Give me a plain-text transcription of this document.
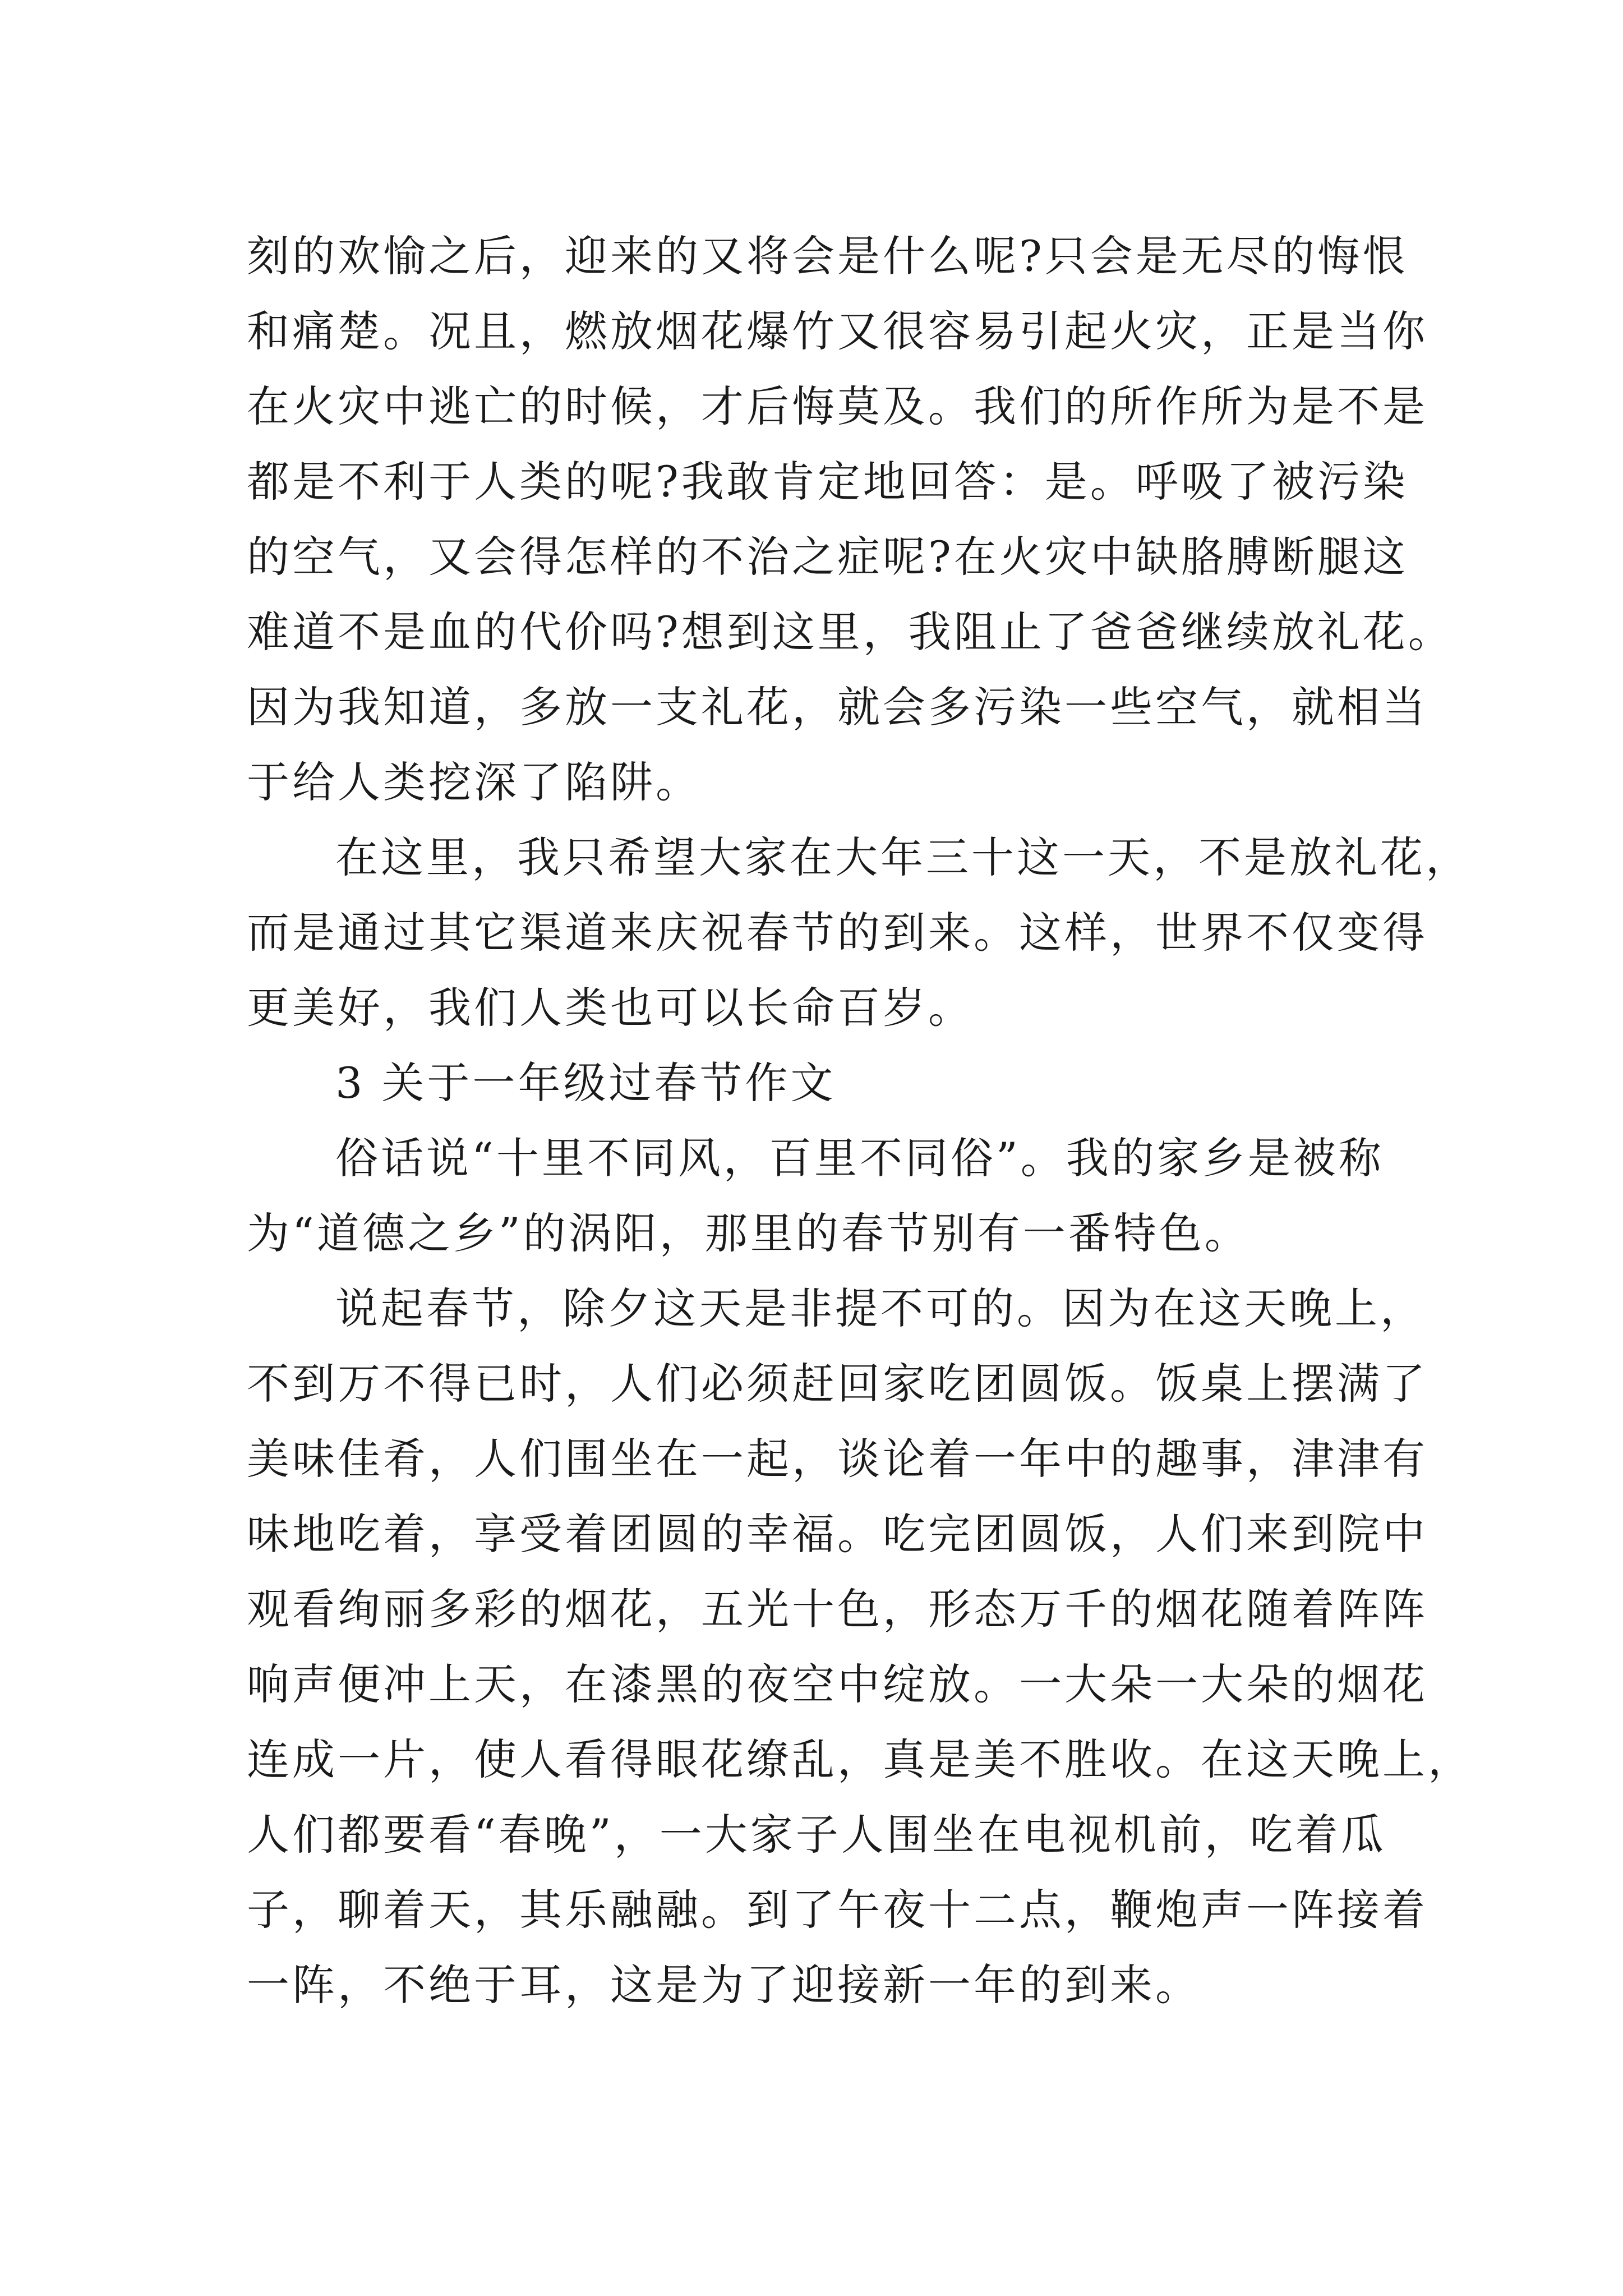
刻的欢愉之后，迎来的又将会是什么呢?只会是无尽的悔恨
和痛楚。况且，燃放烟花爆竹又很容易引起火灾，正是当你
在火灾中逃亡的时候，才后悔莫及。我们的所作所为是不是
都是不利于人类的呢?我敢肯定地回答：是。呼吸了被污染
的空气，又会得怎样的不治之症呢?在火灾中缺胳膊断腿这
难道不是血的代价吗?想到这里，我阻止了爸爸继续放礼花。
因为我知道，多放一支礼花，就会多污染一些空气，就相当
于给人类挖深了陷阱。
在这里，我只希望大家在大年三十这一天，不是放礼花，
而是通过其它渠道来庆祝春节的到来。这样，世界不仅变得
更美好，我们人类也可以长命百岁。
3 关于一年级过春节作文
俗话说“十里不同风，百里不同俗”。我的家乡是被称
为“道德之乡”的涡阳，那里的春节别有一番特色。
说起春节，除夕这天是非提不可的。因为在这天晚上，
不到万不得已时，人们必须赶回家吃团圆饭。饭桌上摆满了
美味佳肴，人们围坐在一起，谈论着一年中的趣事，津津有
味地吃着，享受着团圆的幸福。吃完团圆饭，人们来到院中
观看绚丽多彩的烟花，五光十色，形态万千的烟花随着阵阵
响声便冲上天，在漆黑的夜空中绽放。一大朵一大朵的烟花
连成一片，使人看得眼花缭乱，真是美不胜收。在这天晚上，
人们都要看“春晚”，一大家子人围坐在电视机前，吃着瓜
子，聊着天，其乐融融。到了午夜十二点，鞭炮声一阵接着
一阵，不绝于耳，这是为了迎接新一年的到来。
